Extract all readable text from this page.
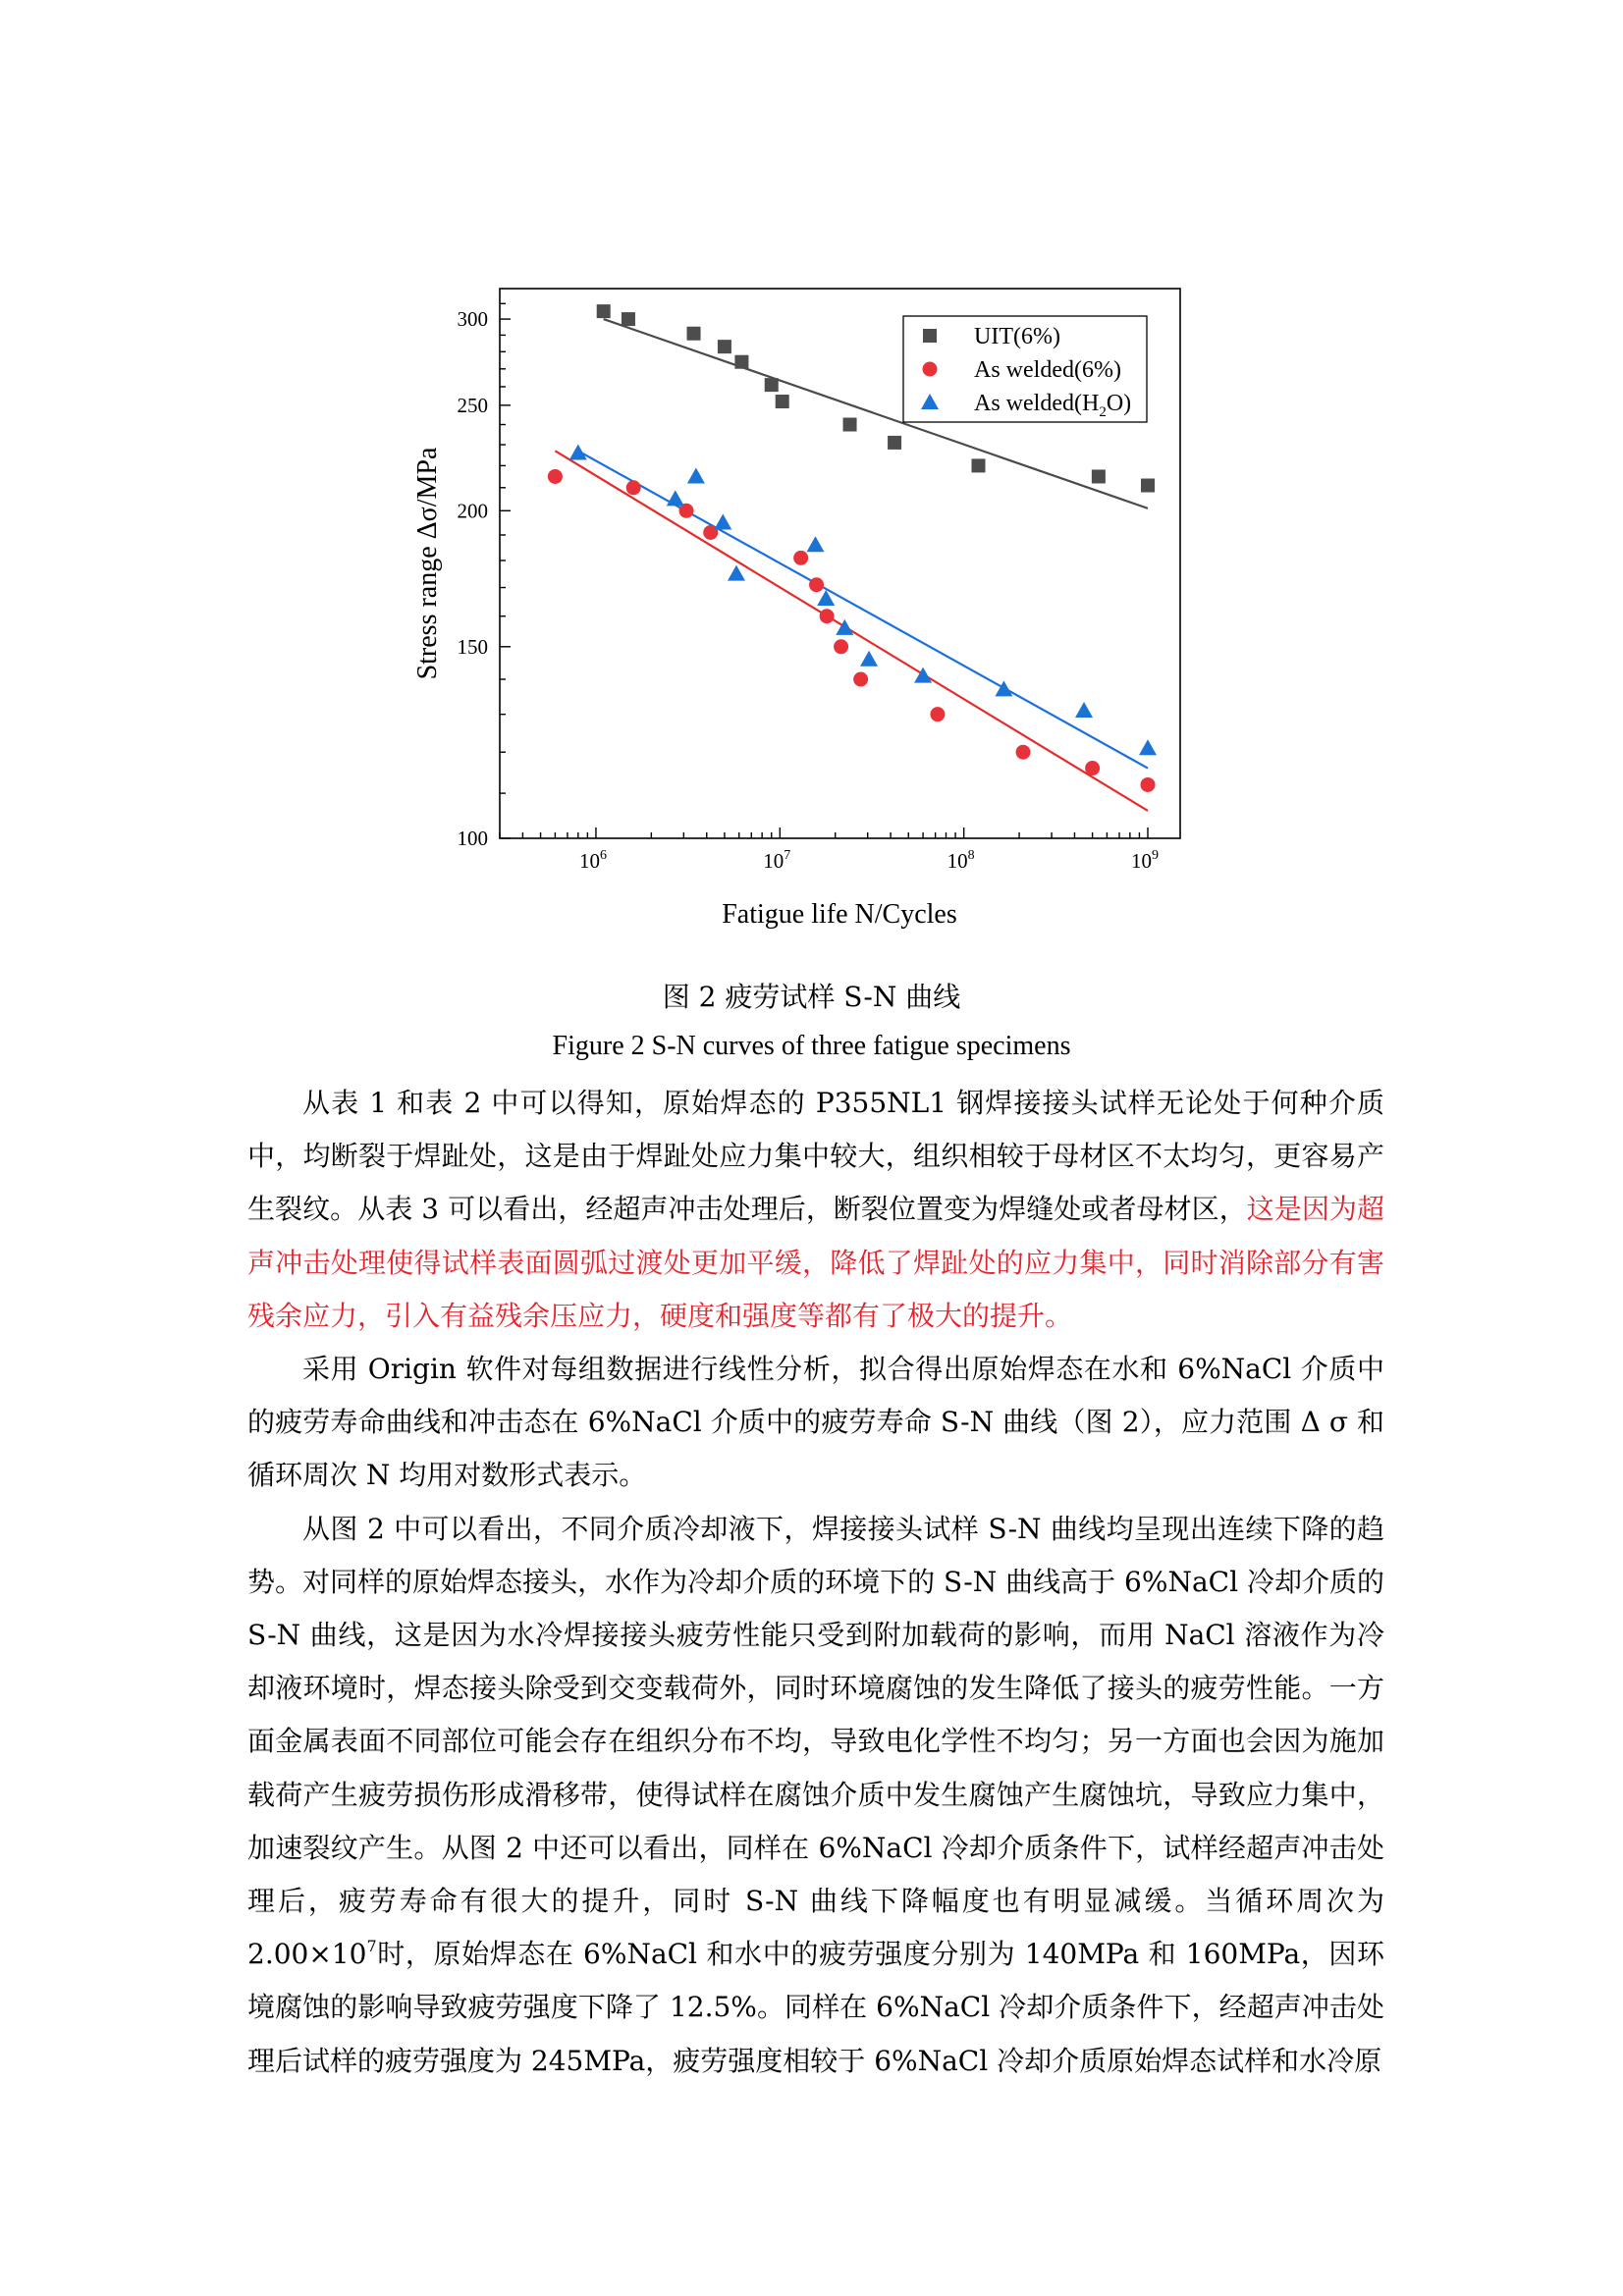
$10^6$	$10^7$	$10^8$	$10^9$
100
150
200
250
300
Fatigue life N/Cycles
Stress range Δσ/MPa
UIT(6%)
As welded(6%)
As $welded(H_2O)$
图 2 疲劳试样 S-N 曲线
Figure 2 S-N curves of three fatigue specimens

从表 1 和表 2 中可以得知，原始焊态的 P355NL1 钢焊接接头试样无论处于何种介质中，均断裂于焊趾处，这是由于焊趾处应力集中较大，组织相较于母材区不太均匀，更容易产生裂纹。从表 3 可以看出，经超声冲击处理后，断裂位置变为焊缝处或者母材区，这是因为超声冲击处理使得试样表面圆弧过渡处更加平缓，降低了焊趾处的应力集中，同时消除部分有害残余应力，引入有益残余压应力，硬度和强度等都有了极大的提升。

采用 Origin 软件对每组数据进行线性分析，拟合得出原始焊态在水和 6%NaCl 介质中的疲劳寿命曲线和冲击态在 6%NaCl 介质中的疲劳寿命 S-N 曲线（图 2），应力范围 Δ σ 和循环周次 N 均用对数形式表示。

从图 2 中可以看出，不同介质冷却液下，焊接接头试样 S-N 曲线均呈现出连续下降的趋势。对同样的原始焊态接头，水作为冷却介质的环境下的 S-N 曲线高于 6%NaCl 冷却介质的 S-N 曲线，这是因为水冷焊接接头疲劳性能只受到附加载荷的影响，而用 NaCl 溶液作为冷却液环境时，焊态接头除受到交变载荷外，同时环境腐蚀的发生降低了接头的疲劳性能。一方面金属表面不同部位可能会存在组织分布不均，导致电化学性不均匀；另一方面也会因为施加载荷产生疲劳损伤形成滑移带，使得试样在腐蚀介质中发生腐蚀产生腐蚀坑，导致应力集中，加速裂纹产生。从图 2 中还可以看出，同样在 6%NaCl 冷却介质条件下，试样经超声冲击处理后，疲劳寿命有很大的提升，同时 S-N 曲线下降幅度也有明显减缓。当循环周次为 $2.00\times 10^7$时，原始焊态在 6%NaCl 和水中的疲劳强度分别为 140MPa 和 160MPa，因环境腐蚀的影响导致疲劳强度下降了 12.5%。同样在 6%NaCl 冷却介质条件下，经超声冲击处理后试样的疲劳强度为 245MPa，疲劳强度相较于 6%NaCl 冷却介质原始焊态试样和水冷原
